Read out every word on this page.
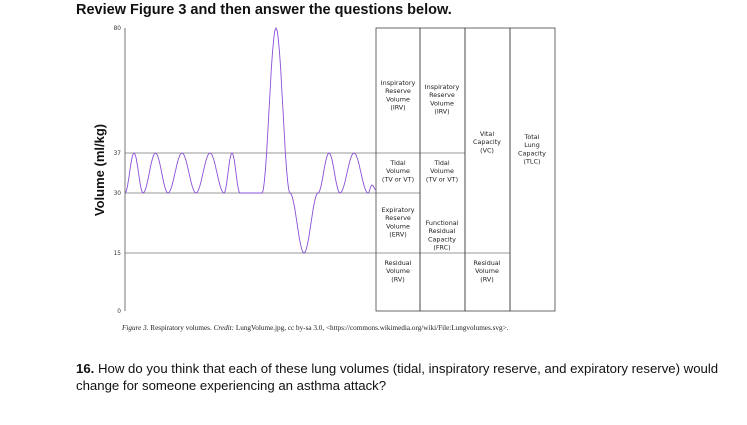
Review Figure 3 and then answer the questions below.
Volume (ml/kg)
80
37
30
15
0
Inspiratory Reserve Volume (IRV)
Tidal Volume (TV or VT)
Expiratory Reserve Volume (ERV)
Residual Volume (RV)
Inspiratory Reserve Volume (IRV)
Tidal Volume (TV or VT)
Functional Residual Capacity (FRC)
Vital Capacity (VC)
Residual Volume (RV)
Total Lung Capacity (TLC)
Figure 3. Respiratory volumes. Credit: LungVolume.jpg, cc by-sa 3.0, <https://commons.wikimedia.org/wiki/File:Lungvolumes.svg>.
16. How do you think that each of these lung volumes (tidal, inspiratory reserve, and expiratory reserve) would change for someone experiencing an asthma attack?
